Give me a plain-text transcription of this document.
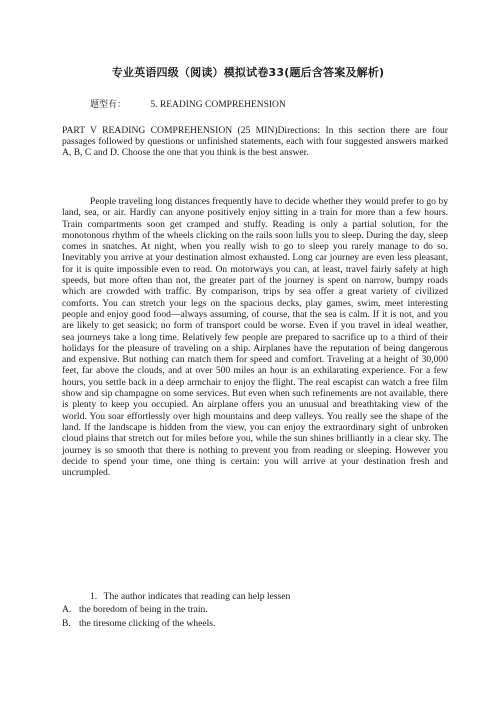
专业英语四级（阅读）模拟试卷33(题后含答案及解析)
题型有：	5. READING COMPREHENSION
PART V READING COMPREHENSION (25 MIN)Directions: In this section there are four passages followed by questions or unfinished statements, each with four suggested answers marked A, B, C and D. Choose the one that you think is the best answer.
People traveling long distances frequently have to decide whether they would prefer to go by land, sea, or air. Hardly can anyone positively enjoy sitting in a train for more than a few hours. Train compartments soon get cramped and stuffy. Reading is only a partial solution, for the monotonous rhythm of the wheels clicking on the rails soon lulls you to sleep. During the day, sleep comes in snatches. At night, when you really wish to go to sleep you rarely manage to do so. Inevitably you arrive at your destination almost exhausted. Long car journey are even less pleasant, for it is quite impossible even to read. On motorways you can, at least, travel fairly safely at high speeds, but more often than not, the greater part of the journey is spent on narrow, bumpy roads which are crowded with traffic. By comparison, trips by sea offer a great variety of civilized comforts. You can stretch your legs on the spacious decks, play games, swim, meet interesting people and enjoy good food—always assuming, of course, that the sea is calm. If it is not, and you are likely to get seasick; no form of transport could be worse. Even if you travel in ideal weather, sea journeys take a long time. Relatively few people are prepared to sacrifice up to a third of their holidays for the pleasure of traveling on a ship. Airplanes have the reputation of being dangerous and expensive. But nothing can match them for speed and comfort. Traveling at a height of 30,000 feet, far above the clouds, and at over 500 miles an hour is an exhilarating experience. For a few hours, you settle back in a deep armchair to enjoy the flight. The real escapist can watch a free film show and sip champagne on some services. But even when such refinements are not available, there is plenty to keep you occupied. An airplane offers you an unusual and breathtaking view of the world. You soar effortlessly over high mountains and deep valleys. You really see the shape of the land. If the landscape is hidden from the view, you can enjoy the extraordinary sight of unbroken cloud plains that stretch out for miles before you, while the sun shines brilliantly in a clear sky. The journey is so smooth that there is nothing to prevent you from reading or sleeping. However you decide to spend your time, one thing is certain: you will arrive at your destination fresh and uncrumpled.
1. The author indicates that reading can help lessen
A. the boredom of being in the train.
B. the tiresome clicking of the wheels.
